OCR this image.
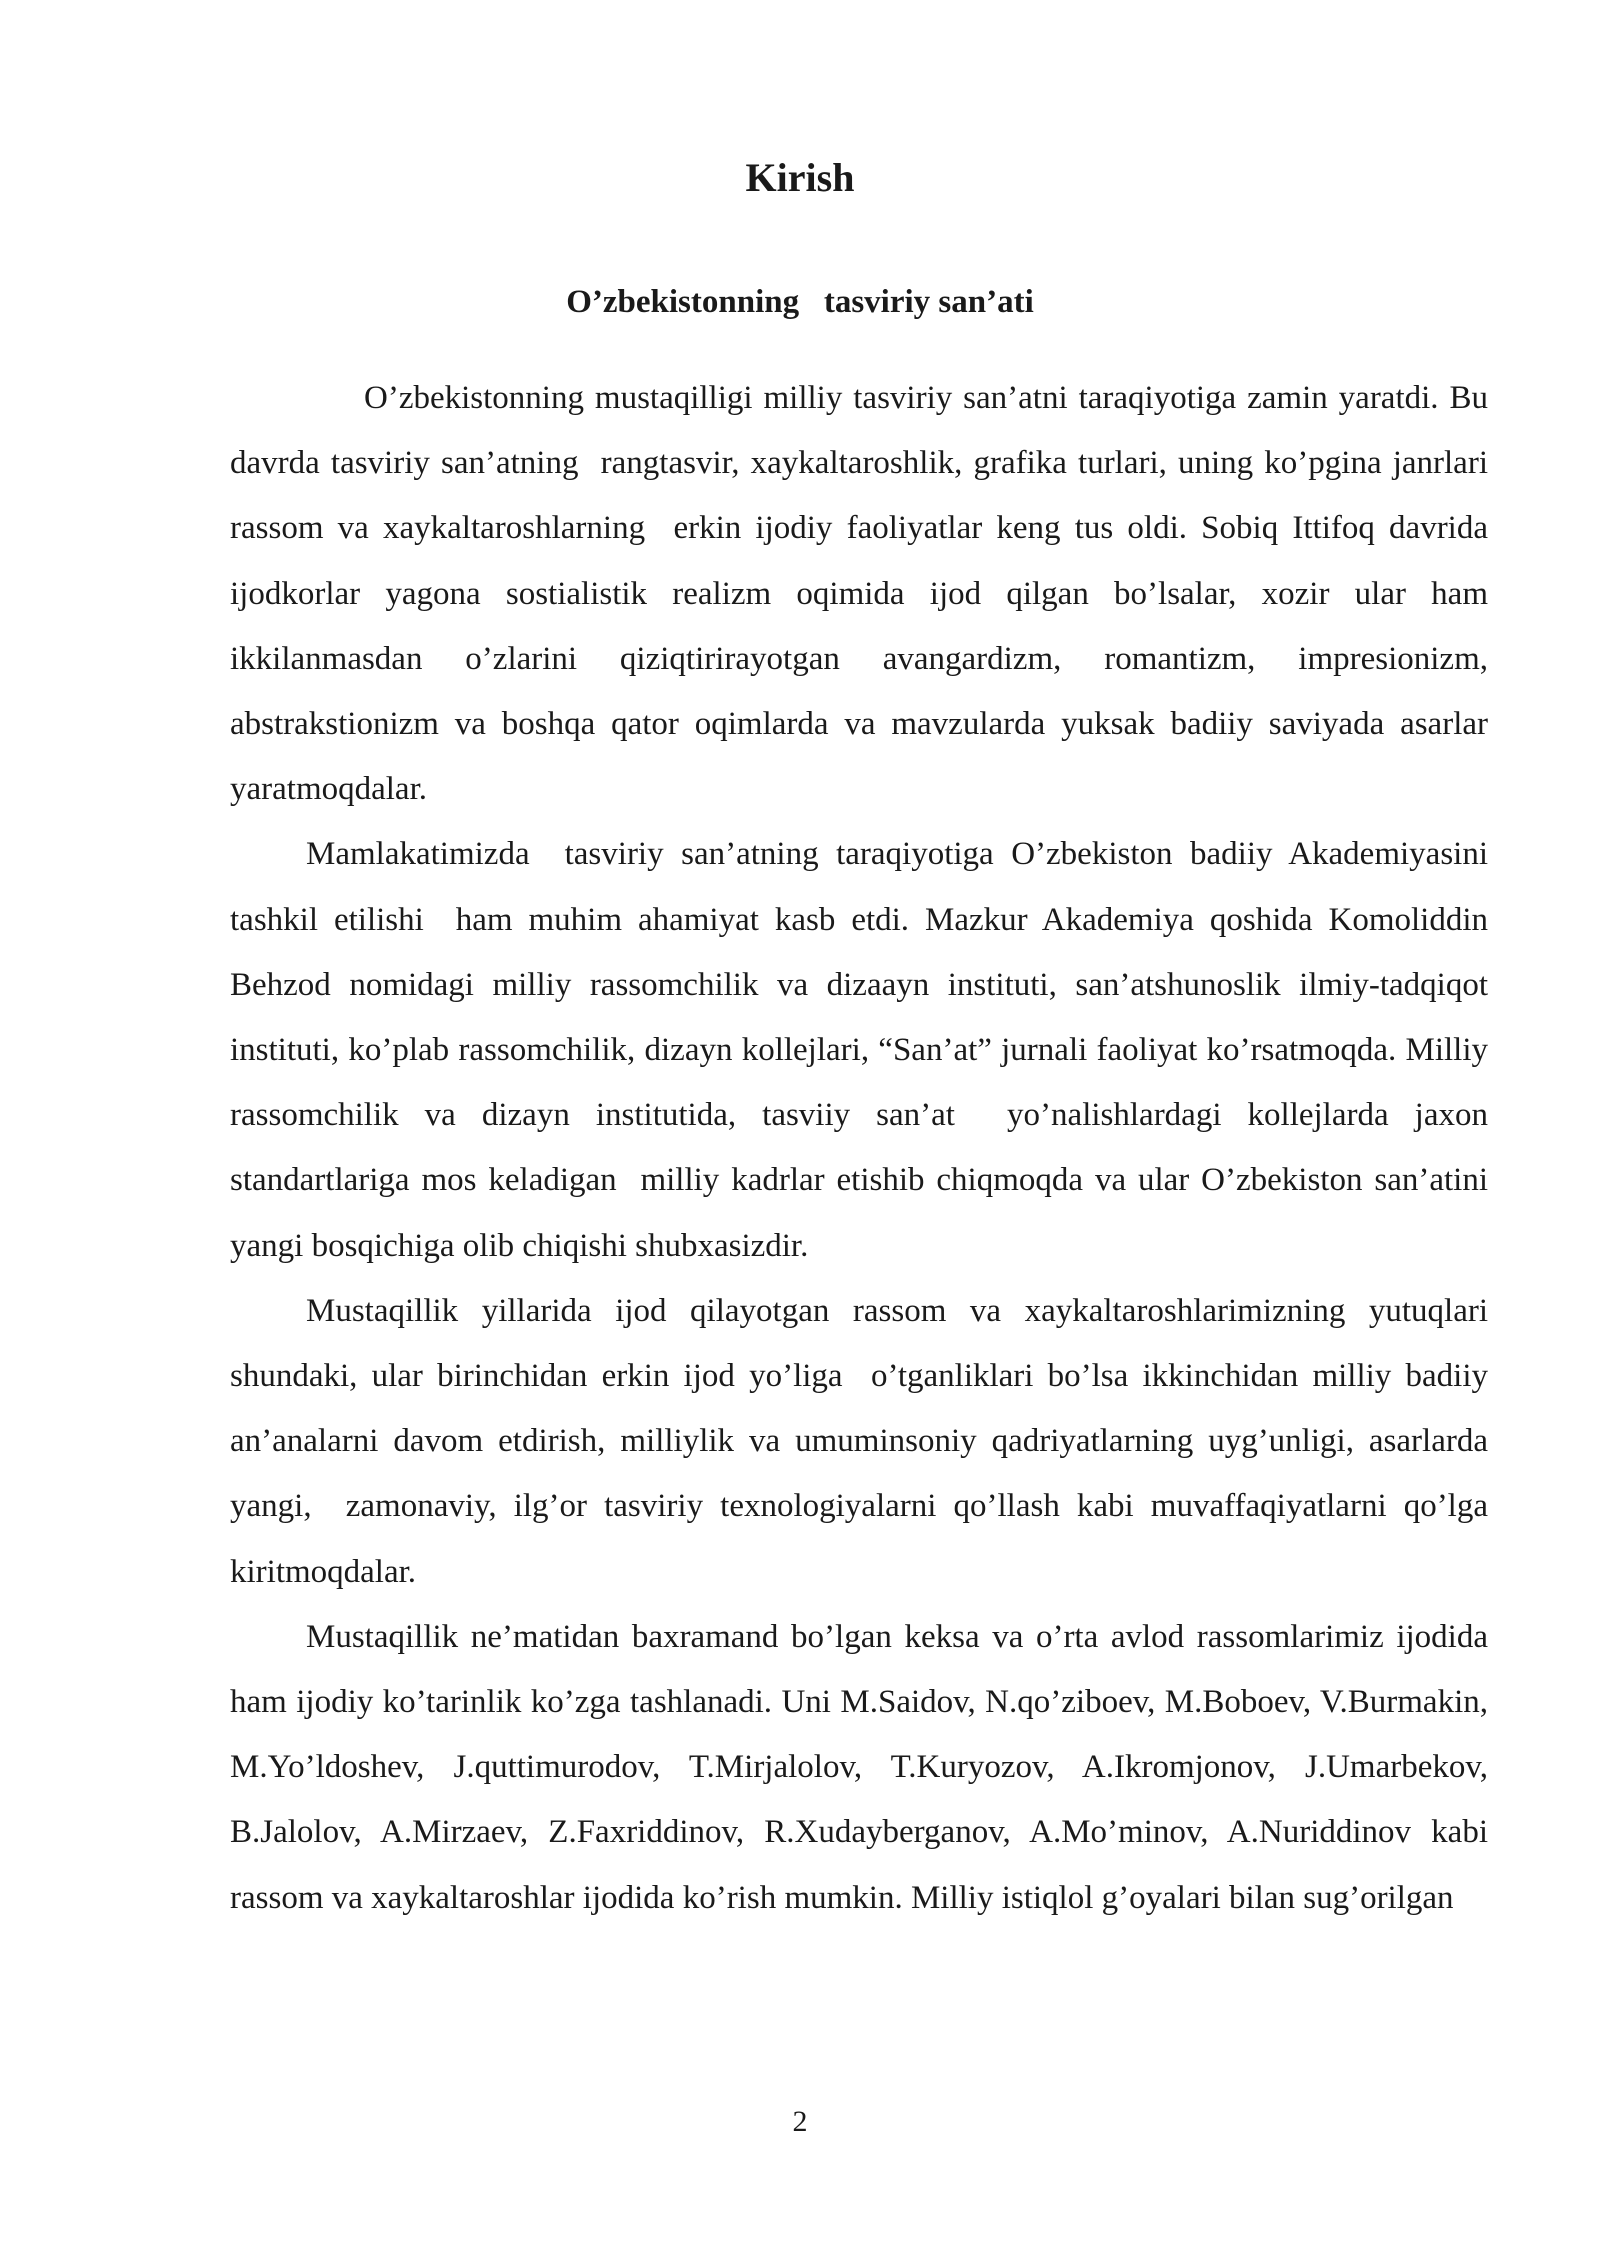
Kirish
O’zbekistonning   tasviriy san’ati

O’zbekistonning mustaqilligi milliy tasviriy san’atni taraqiyotiga zamin yaratdi. Bu davrda tasviriy san’atning  rangtasvir, xaykaltaroshlik, grafika turlari, uning ko’pgina janrlari rassom va xaykaltaroshlarning  erkin ijodiy faoliyatlar keng tus oldi. Sobiq Ittifoq davrida ijodkorlar yagona sostialistik realizm oqimida ijod qilgan bo’lsalar, xozir ular ham ikkilanmasdan o’zlarini qiziqtirirayotgan avangardizm, romantizm, impresionizm, abstrakstionizm va boshqa qator oqimlarda va mavzularda yuksak badiiy saviyada asarlar yaratmoqdalar.

Mamlakatimizda  tasviriy san’atning taraqiyotiga O’zbekiston badiiy Akademiyasini tashkil etilishi  ham muhim ahamiyat kasb etdi. Mazkur Akademiya qoshida Komoliddin Behzod nomidagi milliy rassomchilik va dizaayn instituti, san’atshunoslik ilmiy-tadqiqot instituti, ko’plab rassomchilik, dizayn kollejlari, “San’at” jurnali faoliyat ko’rsatmoqda. Milliy rassomchilik va dizayn institutida, tasviiy san’at  yo’nalishlardagi kollejlarda jaxon standartlariga mos keladigan  milliy kadrlar etishib chiqmoqda va ular O’zbekiston san’atini yangi bosqichiga olib chiqishi shubxasizdir.

Mustaqillik yillarida ijod qilayotgan rassom va xaykaltaroshlarimizning yutuqlari shundaki, ular birinchidan erkin ijod yo’liga  o’tganliklari bo’lsa ikkinchidan milliy badiiy an’analarni davom etdirish, milliylik va umuminsoniy qadriyatlarning uyg’unligi, asarlarda yangi,  zamonaviy, ilg’or tasviriy texnologiyalarni qo’llash kabi muvaffaqiyatlarni qo’lga kiritmoqdalar.

Mustaqillik ne’matidan baxramand bo’lgan keksa va o’rta avlod rassomlarimiz ijodida ham ijodiy ko’tarinlik ko’zga tashlanadi. Uni M.Saidov, N.qo’ziboev, M.Boboev, V.Burmakin, M.Yo’ldoshev, J.quttimurodov, T.Mirjalolov, T.Kuryozov, A.Ikromjonov, J.Umarbekov, B.Jalolov, A.Mirzaev, Z.Faxriddinov, R.Xudayberganov, A.Mo’minov, A.Nuriddinov kabi rassom va xaykaltaroshlar ijodida ko’rish mumkin. Milliy istiqlol g’oyalari bilan sug’orilgan

2
